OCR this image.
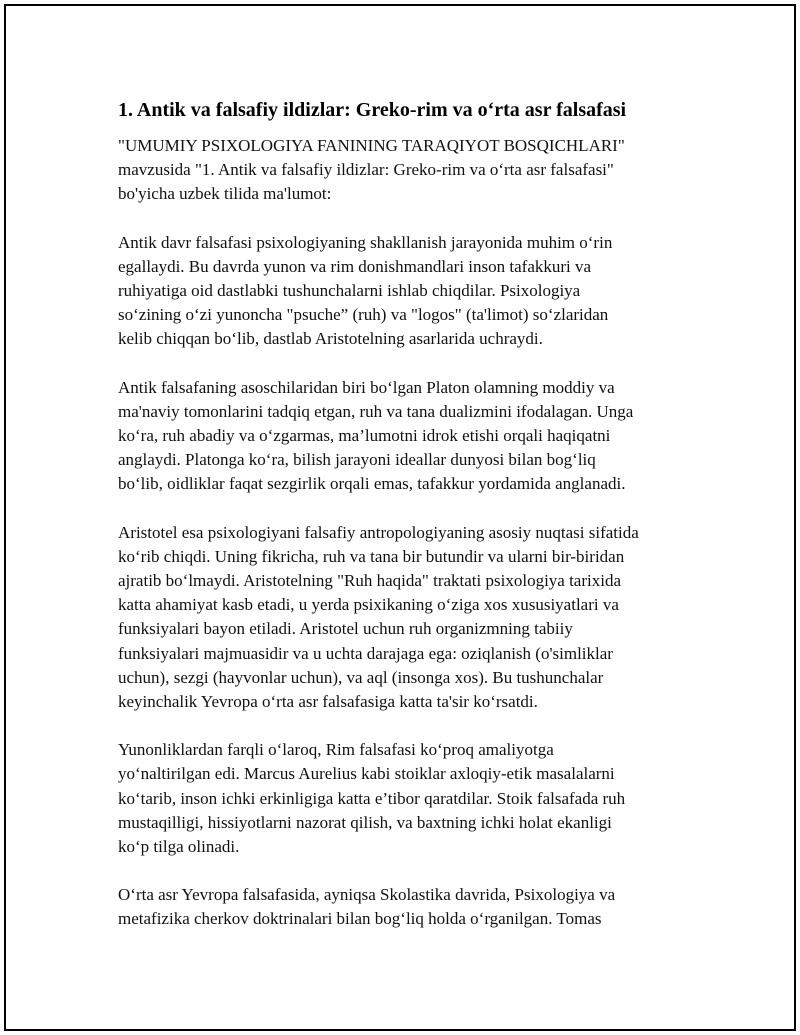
1. Antik va falsafiy ildizlar: Greko-rim va o‘rta asr falsafasi

"UMUMIY PSIXOLOGIYA FANINING TARAQIYOT BOSQICHLARI"
mavzusida "1. Antik va falsafiy ildizlar: Greko-rim va o‘rta asr falsafasi"
bo'yicha uzbek tilida ma'lumot:

Antik davr falsafasi psixologiyaning shakllanish jarayonida muhim o‘rin
egallaydi. Bu davrda yunon va rim donishmandlari inson tafakkuri va
ruhiyatiga oid dastlabki tushunchalarni ishlab chiqdilar. Psixologiya
so‘zining o‘zi yunoncha "psuche” (ruh) va "logos" (ta'limot) so‘zlaridan
kelib chiqqan bo‘lib, dastlab Aristotelning asarlarida uchraydi.

Antik falsafaning asoschilaridan biri bo‘lgan Platon olamning moddiy va
ma'naviy tomonlarini tadqiq etgan, ruh va tana dualizmini ifodalagan. Unga
ko‘ra, ruh abadiy va o‘zgarmas, ma’lumotni idrok etishi orqali haqiqatni
anglaydi. Platonga ko‘ra, bilish jarayoni ideallar dunyosi bilan bog‘liq
bo‘lib, oidliklar faqat sezgirlik orqali emas, tafakkur yordamida anglanadi.

Aristotel esa psixologiyani falsafiy antropologiyaning asosiy nuqtasi sifatida
ko‘rib chiqdi. Uning fikricha, ruh va tana bir butundir va ularni bir-biridan
ajratib bo‘lmaydi. Aristotelning "Ruh haqida" traktati psixologiya tarixida
katta ahamiyat kasb etadi, u yerda psixikaning o‘ziga xos xususiyatlari va
funksiyalari bayon etiladi. Aristotel uchun ruh organizmning tabiiy
funksiyalari majmuasidir va u uchta darajaga ega: oziqlanish (o'simliklar
uchun), sezgi (hayvonlar uchun), va aql (insonga xos). Bu tushunchalar
keyinchalik Yevropa o‘rta asr falsafasiga katta ta'sir ko‘rsatdi.

Yunonliklardan farqli o‘laroq, Rim falsafasi ko‘proq amaliyotga
yo‘naltirilgan edi. Marcus Aurelius kabi stoiklar axloqiy-etik masalalarni
ko‘tarib, inson ichki erkinligiga katta e’tibor qaratdilar. Stoik falsafada ruh
mustaqilligi, hissiyotlarni nazorat qilish, va baxtning ichki holat ekanligi
ko‘p tilga olinadi.

O‘rta asr Yevropa falsafasida, ayniqsa Skolastika davrida, Psixologiya va
metafizika cherkov doktrinalari bilan bog‘liq holda o‘rganilgan. Tomas
